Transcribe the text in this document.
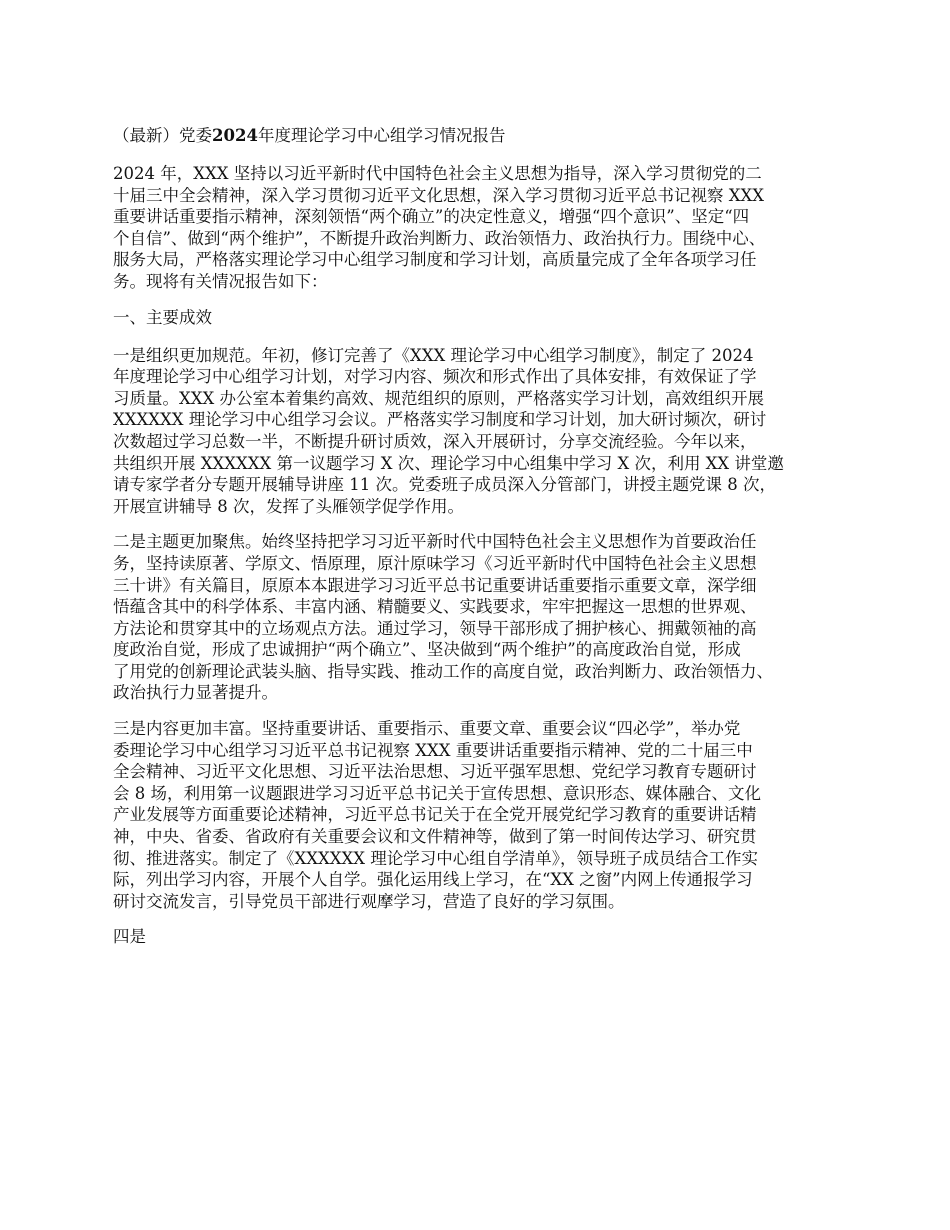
（最新）党委2024年度理论学习中心组学习情况报告
2024 年，XXX 坚持以习近平新时代中国特色社会主义思想为指导，深入学习贯彻党的二
十届三中全会精神，深入学习贯彻习近平文化思想，深入学习贯彻习近平总书记视察 XXX
重要讲话重要指示精神，深刻领悟“两个确立”的决定性意义，增强“四个意识”、坚定“四
个自信”、做到“两个维护”，不断提升政治判断力、政治领悟力、政治执行力。围绕中心、
服务大局，严格落实理论学习中心组学习制度和学习计划，高质量完成了全年各项学习任
务。现将有关情况报告如下：
一、主要成效
一是组织更加规范。年初，修订完善了《XXX 理论学习中心组学习制度》，制定了 2024
年度理论学习中心组学习计划，对学习内容、频次和形式作出了具体安排，有效保证了学
习质量。XXX 办公室本着集约高效、规范组织的原则，严格落实学习计划，高效组织开展
XXXXXX 理论学习中心组学习会议。严格落实学习制度和学习计划，加大研讨频次，研讨
次数超过学习总数一半，不断提升研讨质效，深入开展研讨，分享交流经验。今年以来，
共组织开展 XXXXXX 第一议题学习 X 次、理论学习中心组集中学习 X 次，利用 XX 讲堂邀
请专家学者分专题开展辅导讲座 11 次。党委班子成员深入分管部门，讲授主题党课 8 次，
开展宣讲辅导 8 次，发挥了头雁领学促学作用。
二是主题更加聚焦。始终坚持把学习习近平新时代中国特色社会主义思想作为首要政治任
务，坚持读原著、学原文、悟原理，原汁原味学习《习近平新时代中国特色社会主义思想
三十讲》有关篇目，原原本本跟进学习习近平总书记重要讲话重要指示重要文章，深学细
悟蕴含其中的科学体系、丰富内涵、精髓要义、实践要求，牢牢把握这一思想的世界观、
方法论和贯穿其中的立场观点方法。通过学习，领导干部形成了拥护核心、拥戴领袖的高
度政治自觉，形成了忠诚拥护“两个确立”、坚决做到“两个维护”的高度政治自觉，形成
了用党的创新理论武装头脑、指导实践、推动工作的高度自觉，政治判断力、政治领悟力、
政治执行力显著提升。
三是内容更加丰富。坚持重要讲话、重要指示、重要文章、重要会议“四必学”，举办党
委理论学习中心组学习习近平总书记视察 XXX 重要讲话重要指示精神、党的二十届三中
全会精神、习近平文化思想、习近平法治思想、习近平强军思想、党纪学习教育专题研讨
会 8 场，利用第一议题跟进学习习近平总书记关于宣传思想、意识形态、媒体融合、文化
产业发展等方面重要论述精神，习近平总书记关于在全党开展党纪学习教育的重要讲话精
神，中央、省委、省政府有关重要会议和文件精神等，做到了第一时间传达学习、研究贯
彻、推进落实。制定了《XXXXXX 理论学习中心组自学清单》，领导班子成员结合工作实
际，列出学习内容，开展个人自学。强化运用线上学习，在“XX 之窗”内网上传通报学习
研讨交流发言，引导党员干部进行观摩学习，营造了良好的学习氛围。
四是
